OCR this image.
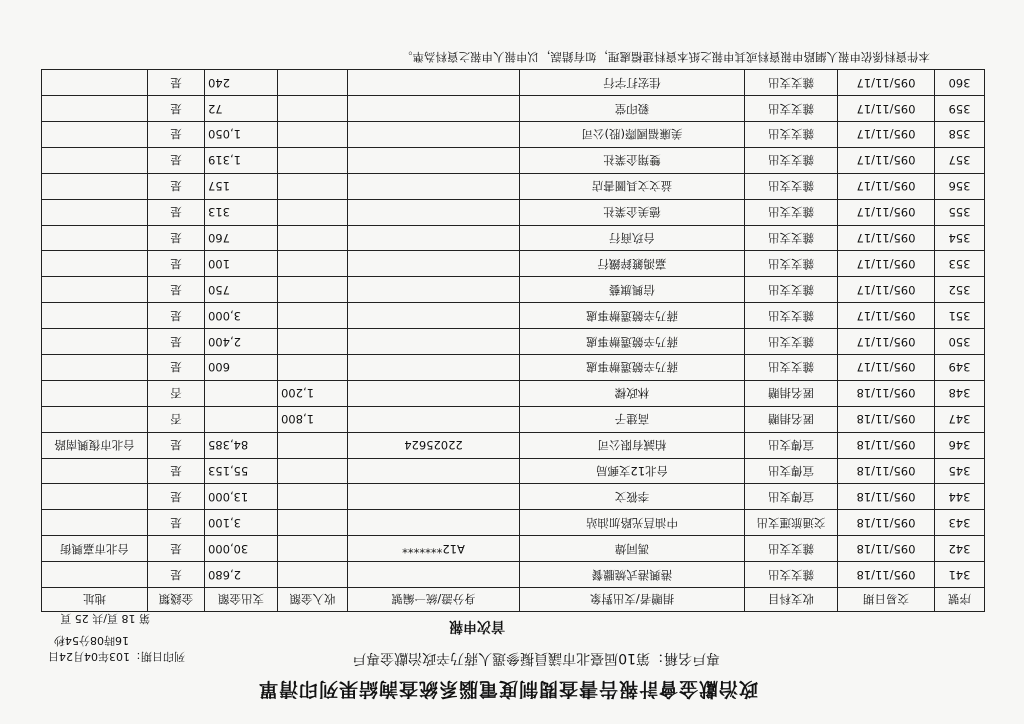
政治獻金會計報告書查閱制度電腦系統查詢結果列印清單
專戶名稱：第10屆臺北市議員擬參選人蔣乃辛政治獻金專戶
列印日期：103年04月24日
16時08分54秒
首次申報
第 18 頁/共 25 頁
序號	交易日期	收支科目	捐贈者/支出對象	身分證/統一編號	收入金額	支出金額	金錢類	地址
341	095/11/18	雜支支出	港興港式燒臘餐			2,680	是	
342	095/11/18	雜支支出	馮同煒	A12*******		30,000	是	台北市嘉興街
343	095/11/18	交通旅運支出	中油莒光路加油站			3,100	是	
344	095/11/18	宣傳支出	李筱文			13,000	是	
345	095/11/18	宣傳支出	台北12支郵局			55,153	是	
346	095/11/18	宣傳支出	柏誠有限公司	22025624		84,385	是	台北市復興南路
347	095/11/18	匿名捐贈	高建子		1,800		否	
348	095/11/18	匿名捐贈	林政樑		1,200		否	
349	095/11/17	雜支支出	蔣乃辛競選辦事處			600	是	
350	095/11/17	雜支支出	蔣乃辛競選辦事處			2,400	是	
351	095/11/17	雜支支出	蔣乃辛競選辦事處			3,000	是	
352	095/11/17	雜支支出	信興旗藝			750	是	
353	095/11/17	雜支支出	嘉鴻鍍鋅鐵行			100	是	
354	095/11/17	雜支支出	台玖商行			760	是	
355	095/11/17	雜支支出	德美企業社			313	是	
356	095/11/17	雜支支出	益文文具圖書店			157	是	
357	095/11/17	雜支支出	雙翔企業社			1,319	是	
358	095/11/17	雜支支出	美廉福國際(股)公司			1,050	是	
359	095/11/17	雜支支出	毅印堂			72	是	
360	095/11/17	雜支支出	佳宏打字行			240	是	
本件資料係依申報人網路申報資料或其申報之紙本資料建檔處理，如有錯誤，以申報人申報之資料為準。
